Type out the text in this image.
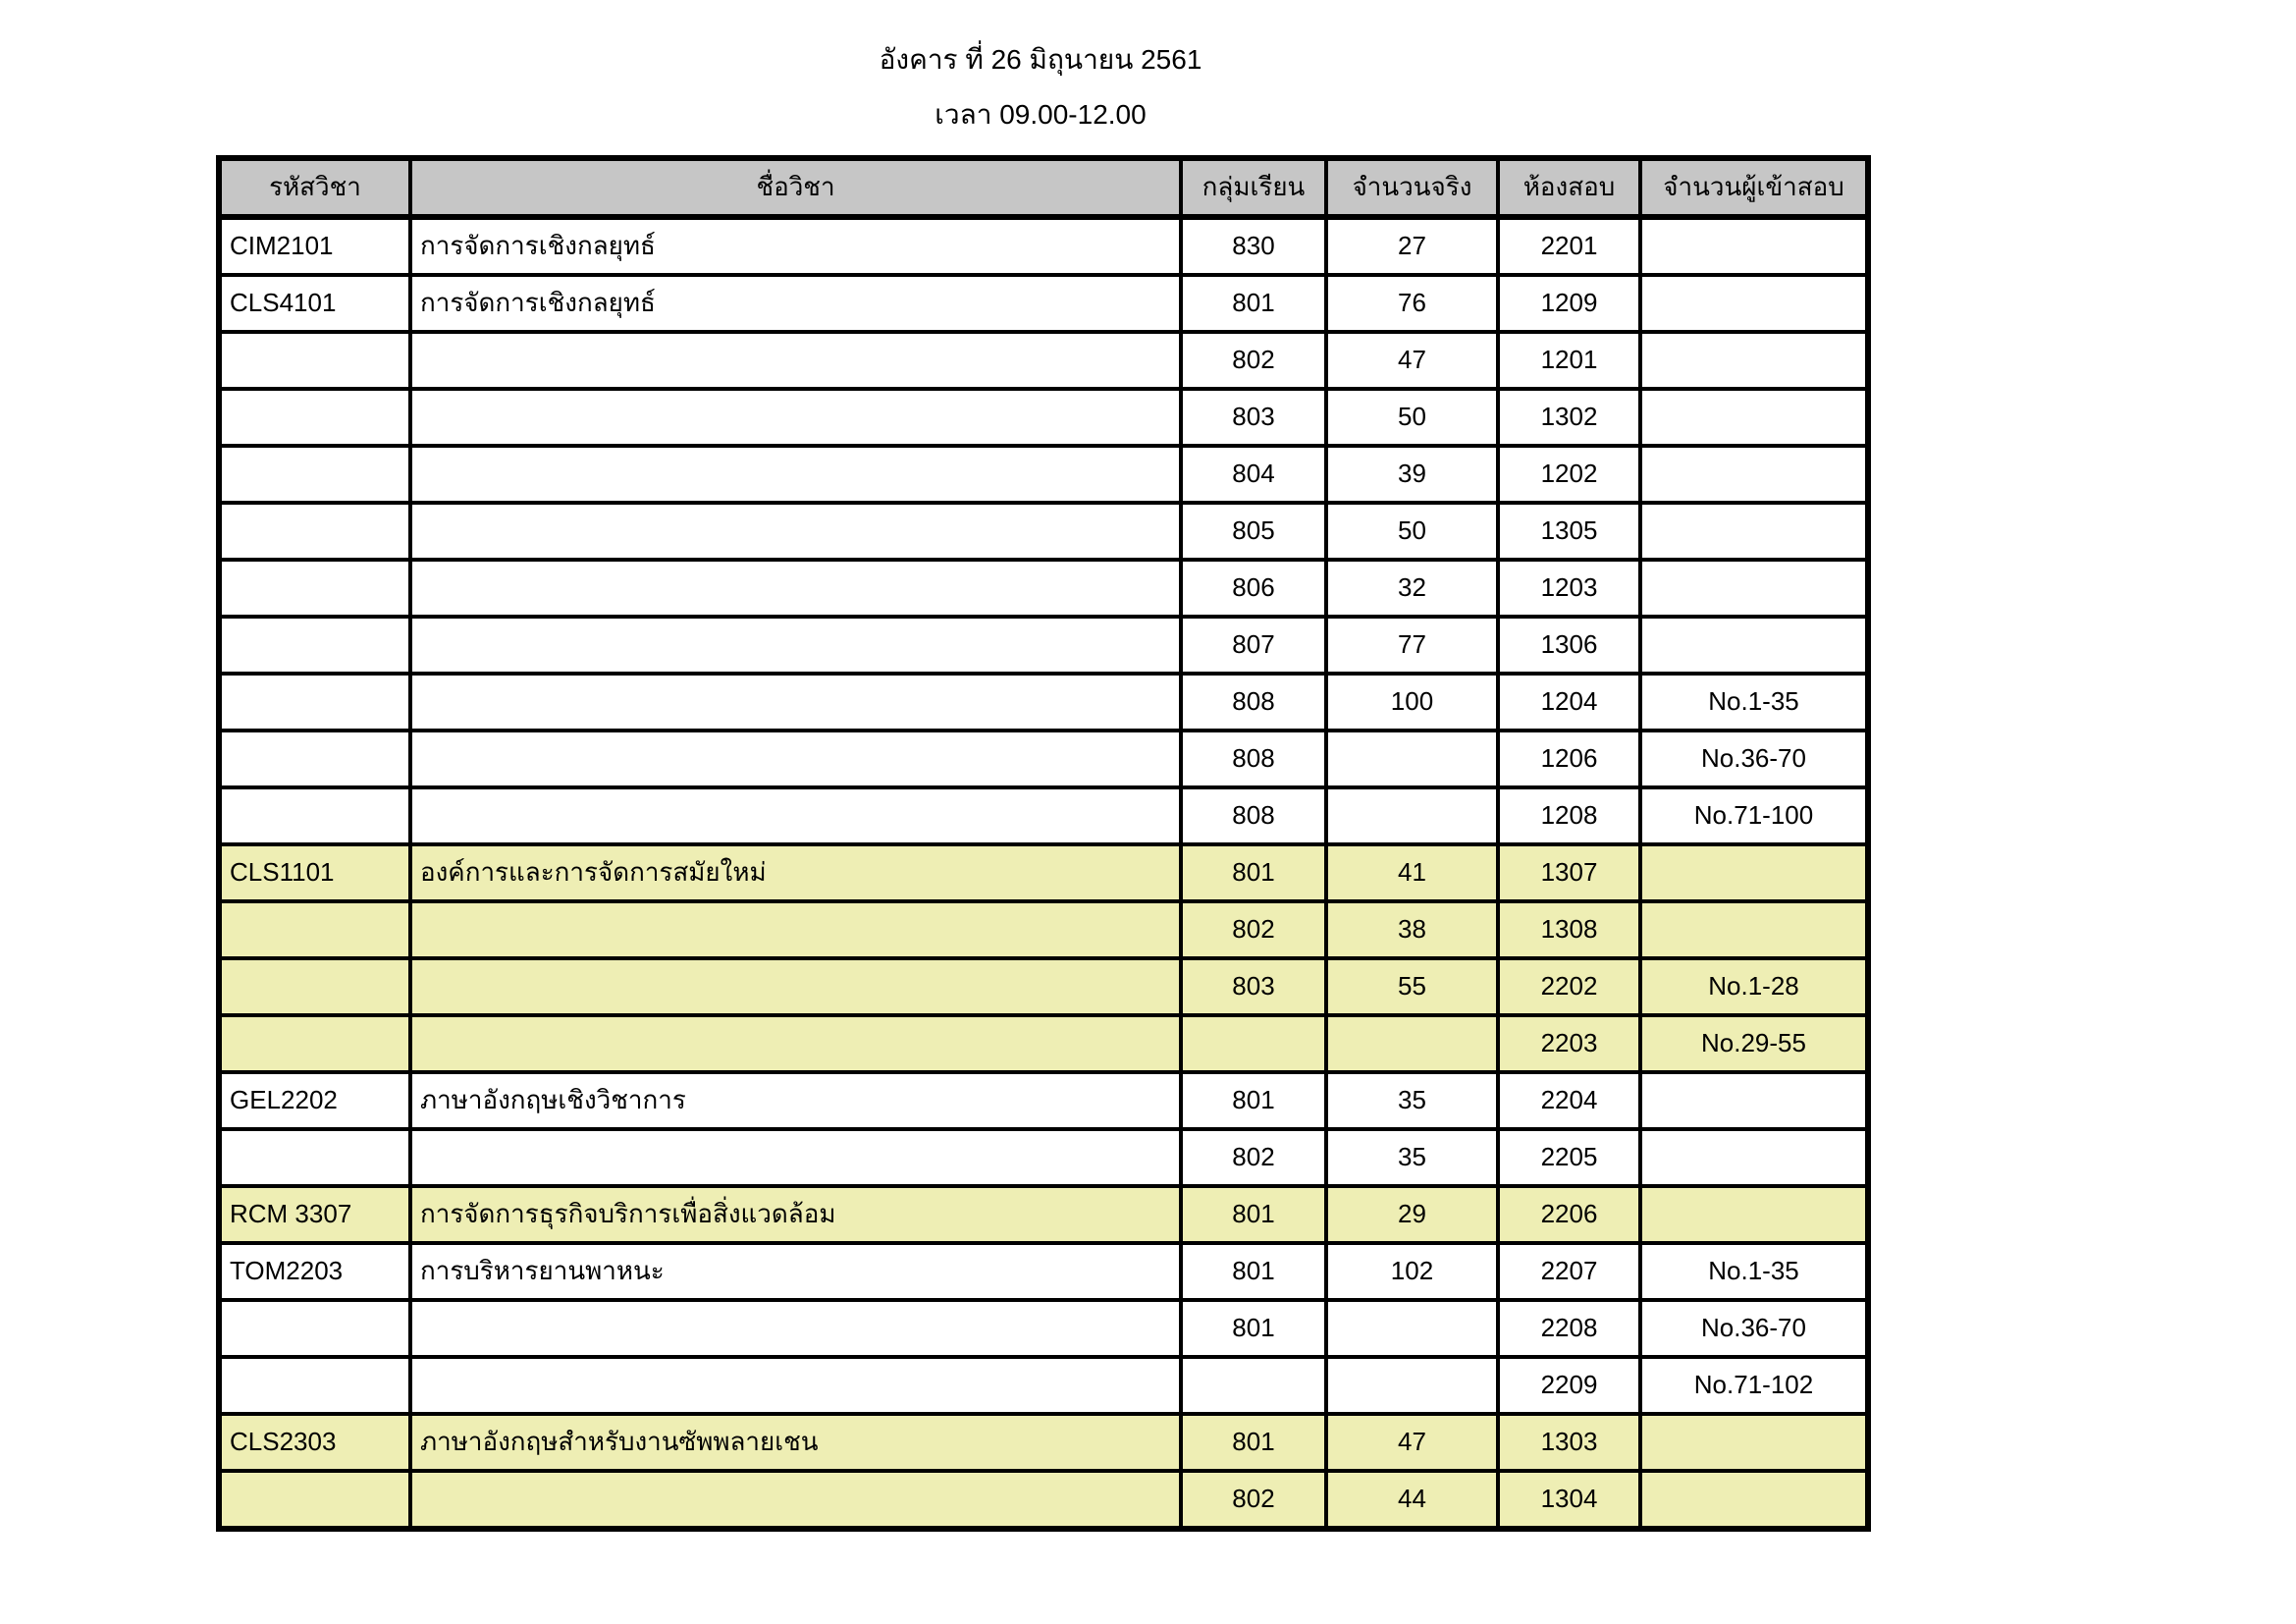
อังคาร ที่ 26 มิถุนายน 2561
เวลา 09.00-12.00
รหัสวิชา	ชื่อวิชา	กลุ่มเรียน	จำนวนจริง	ห้องสอบ	จำนวนผู้เข้าสอบ
CIM2101	การจัดการเชิงกลยุทธ์	830	27	2201	
CLS4101	การจัดการเชิงกลยุทธ์	801	76	1209	
		802	47	1201	
		803	50	1302	
		804	39	1202	
		805	50	1305	
		806	32	1203	
		807	77	1306	
		808	100	1204	No.1-35
		808		1206	No.36-70
		808		1208	No.71-100
CLS1101	องค์การและการจัดการสมัยใหม่	801	41	1307	
		802	38	1308	
		803	55	2202	No.1-28
				2203	No.29-55
GEL2202	ภาษาอังกฤษเชิงวิชาการ	801	35	2204	
		802	35	2205	
RCM 3307	การจัดการธุรกิจบริการเพื่อสิ่งแวดล้อม	801	29	2206	
TOM2203	การบริหารยานพาหนะ	801	102	2207	No.1-35
		801		2208	No.36-70
				2209	No.71-102
CLS2303	ภาษาอังกฤษสำหรับงานซัพพลายเชน	801	47	1303	
		802	44	1304	
